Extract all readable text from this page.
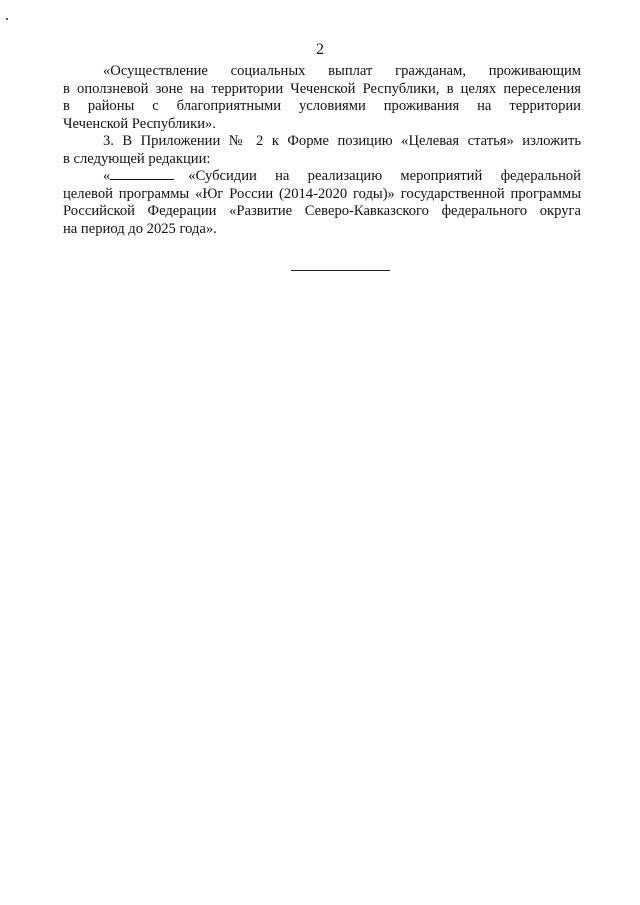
2
«Осуществление социальных выплат гражданам, проживающим
в оползневой зоне на территории Чеченской Республики, в целях переселения
в районы с благоприятными условиями проживания на территории
Чеченской Республики».
3. В Приложении № 2 к Форме позицию «Целевая статья» изложить
в следующей редакции:
«	«Субсидии на реализацию мероприятий федеральной
целевой программы «Юг России (2014-2020 годы)» государственной программы
Российской Федерации «Развитие Северо-Кавказского федерального округа
на период до 2025 года».
